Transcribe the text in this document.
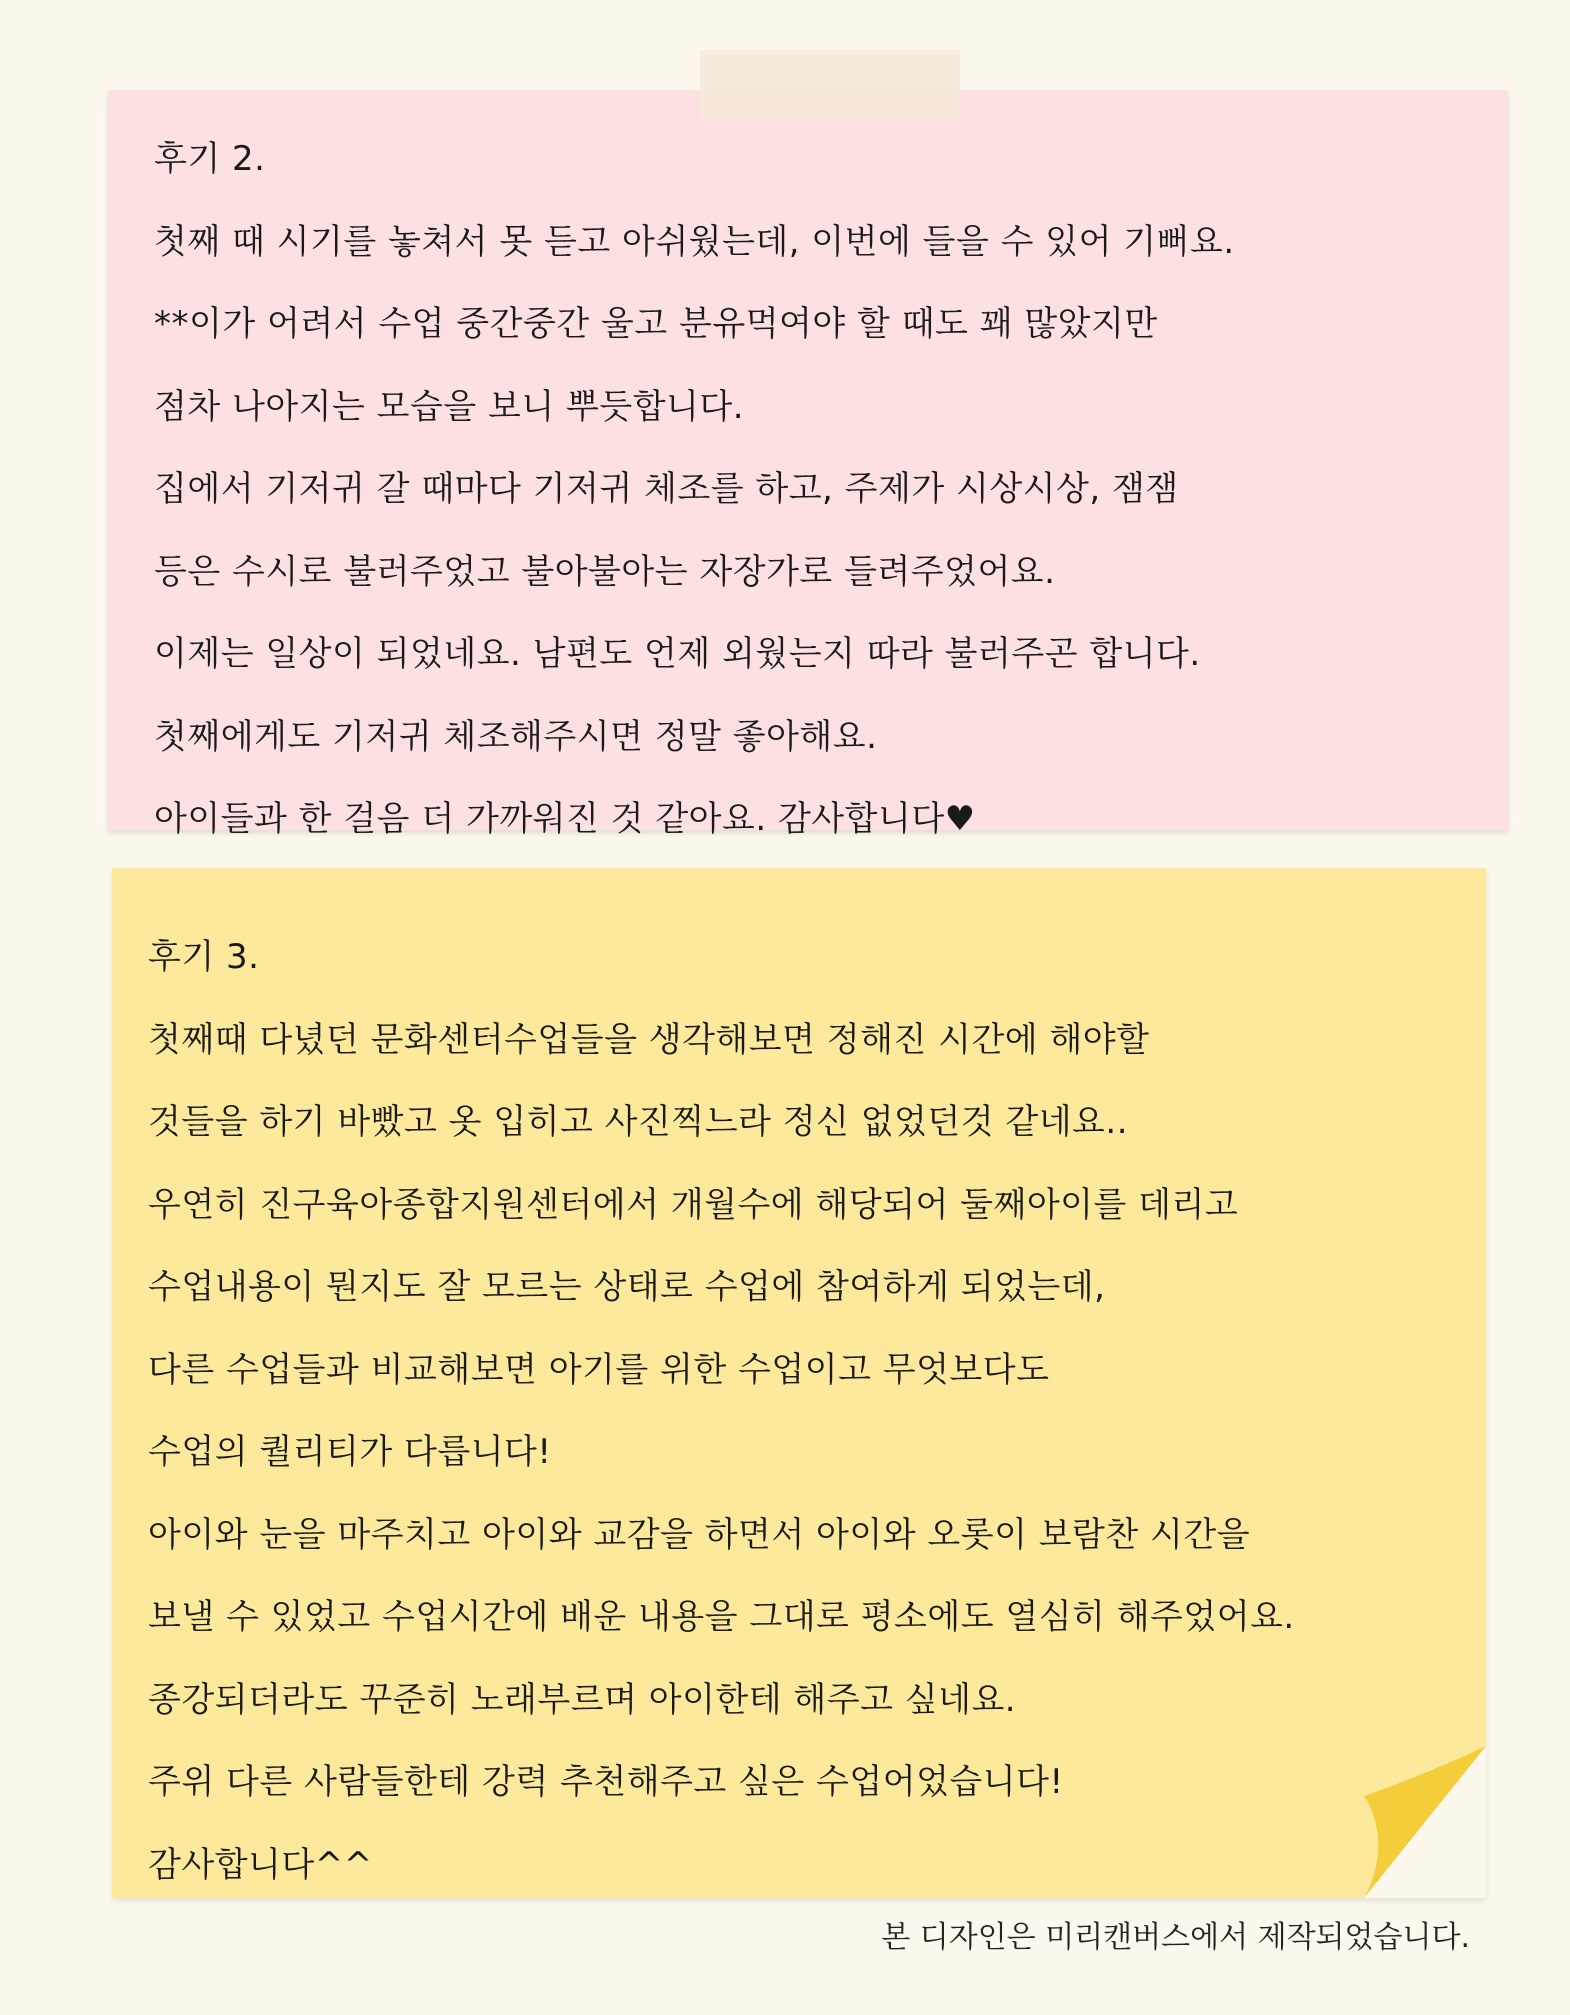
후기 2.
첫째 때 시기를 놓쳐서 못 듣고 아쉬웠는데, 이번에 들을 수 있어 기뻐요.
**이가 어려서 수업 중간중간 울고 분유먹여야 할 때도 꽤 많았지만
점차 나아지는 모습을 보니 뿌듯합니다.
집에서 기저귀 갈 때마다 기저귀 체조를 하고, 주제가 시상시상, 잼잼
등은 수시로 불러주었고 불아불아는 자장가로 들려주었어요.
이제는 일상이 되었네요. 남편도 언제 외웠는지 따라 불러주곤 합니다.
첫째에게도 기저귀 체조해주시면 정말 좋아해요.
아이들과 한 걸음 더 가까워진 것 같아요. 감사합니다♥
후기 3.
첫째때 다녔던 문화센터수업들을 생각해보면 정해진 시간에 해야할
것들을 하기 바빴고 옷 입히고 사진찍느라 정신 없었던것 같네요..
우연히 진구육아종합지원센터에서 개월수에 해당되어 둘째아이를 데리고
수업내용이 뭔지도 잘 모르는 상태로 수업에 참여하게 되었는데,
다른 수업들과 비교해보면 아기를 위한 수업이고 무엇보다도
수업의 퀄리티가 다릅니다!
아이와 눈을 마주치고 아이와 교감을 하면서 아이와 오롯이 보람찬 시간을
보낼 수 있었고 수업시간에 배운 내용을 그대로 평소에도 열심히 해주었어요.
종강되더라도 꾸준히 노래부르며 아이한테 해주고 싶네요.
주위 다른 사람들한테 강력 추천해주고 싶은 수업어었습니다!
감사합니다^^
본 디자인은 미리캔버스에서 제작되었습니다.
